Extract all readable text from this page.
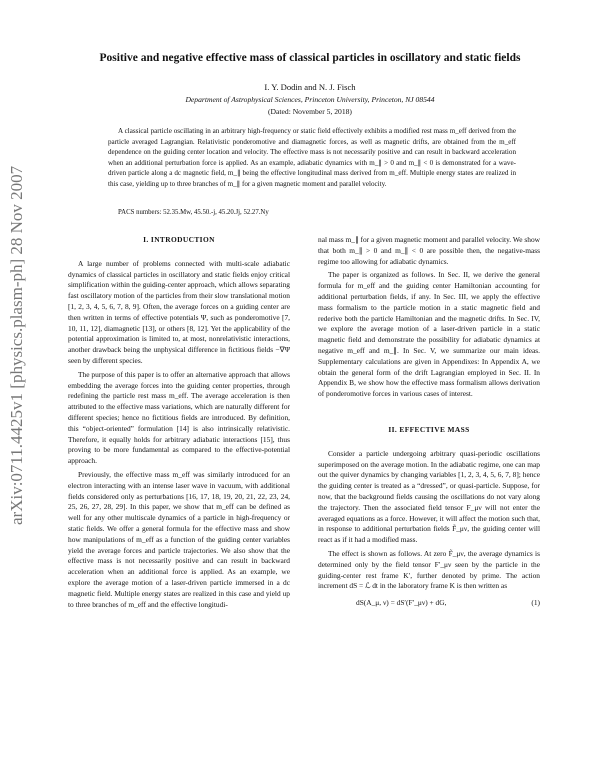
arXiv:0711.4425v1 [physics.plasm-ph] 28 Nov 2007
Positive and negative effective mass of classical particles in oscillatory and static fields
I. Y. Dodin and N. J. Fisch
Department of Astrophysical Sciences, Princeton University, Princeton, NJ 08544
(Dated: November 5, 2018)

A classical particle oscillating in an arbitrary high-frequency or static field effectively exhibits a modified rest mass m_eff derived from the particle averaged Lagrangian. Relativistic ponderomotive and diamagnetic forces, as well as magnetic drifts, are obtained from the m_eff dependence on the guiding center location and velocity. The effective mass is not necessarily positive and can result in backward acceleration when an additional perturbation force is applied. As an example, adiabatic dynamics with m_∥ > 0 and m_∥ < 0 is demonstrated for a wave-driven particle along a dc magnetic field, m_∥ being the effective longitudinal mass derived from m_eff. Multiple energy states are realized in this case, yielding up to three branches of m_∥ for a given magnetic moment and parallel velocity.

PACS numbers: 52.35.Mw, 45.50.-j, 45.20.Jj, 52.27.Ny
I. INTRODUCTION

A large number of problems connected with multi-scale adiabatic dynamics of classical particles in oscillatory and static fields enjoy critical simplification within the guiding-center approach, which allows separating fast oscillatory motion of the particles from their slow translational motion [1, 2, 3, 4, 5, 6, 7, 8, 9]. Often, the average forces on a guiding center are then written in terms of effective potentials Ψ, such as ponderomotive [7, 10, 11, 12], diamagnetic [13], or others [8, 12]. Yet the applicability of the potential approximation is limited to, at most, nonrelativistic interactions, another drawback being the unphysical difference in fictitious fields −∇Ψ seen by different species.

The purpose of this paper is to offer an alternative approach that allows embedding the average forces into the guiding center properties, through redefining the particle rest mass m_eff. The average acceleration is then attributed to the effective mass variations, which are naturally different for different species; hence no fictitious fields are introduced. By definition, this “object-oriented” formulation [14] is also intrinsically relativistic. Therefore, it equally holds for arbitrary adiabatic interactions [15], thus proving to be more fundamental as compared to the effective-potential approach.

Previously, the effective mass m_eff was similarly introduced for an electron interacting with an intense laser wave in vacuum, with additional fields considered only as perturbations [16, 17, 18, 19, 20, 21, 22, 23, 24, 25, 26, 27, 28, 29]. In this paper, we show that m_eff can be defined as well for any other multiscale dynamics of a particle in high-frequency or static fields. We offer a general formula for the effective mass and show how manipulations of m_eff as a function of the guiding center variables yield the average forces and particle trajectories. We also show that the effective mass is not necessarily positive and can result in backward acceleration when an additional force is applied. As an example, we explore the average motion of a laser-driven particle immersed in a dc magnetic field. Multiple energy states are realized in this case and yield up to three branches of m_eff and the effective longitudi-

nal mass m_∥ for a given magnetic moment and parallel velocity. We show that both m_∥ > 0 and m_∥ < 0 are possible then, the negative-mass regime too allowing for adiabatic dynamics.

The paper is organized as follows. In Sec. II, we derive the general formula for m_eff and the guiding center Hamiltonian accounting for additional perturbation fields, if any. In Sec. III, we apply the effective mass formalism to the particle motion in a static magnetic field and rederive both the particle Hamiltonian and the magnetic drifts. In Sec. IV, we explore the average motion of a laser-driven particle in a static magnetic field and demonstrate the possibility for adiabatic dynamics at negative m_eff and m_∥. In Sec. V, we summarize our main ideas. Supplementary calculations are given in Appendixes: In Appendix A, we obtain the general form of the drift Lagrangian employed in Sec. II. In Appendix B, we show how the effective mass formalism allows derivation of ponderomotive forces in various cases of interest.

II. EFFECTIVE MASS

Consider a particle undergoing arbitrary quasi-periodic oscillations superimposed on the average motion. In the adiabatic regime, one can map out the quiver dynamics by changing variables [1, 2, 3, 4, 5, 6, 7, 8]; hence the guiding center is treated as a “dressed”, or quasi-particle. Suppose, for now, that the background fields causing the oscillations do not vary along the trajectory. Then the associated field tensor F_μν will not enter the averaged equations as a force. However, it will affect the motion such that, in response to additional perturbation fields F̃_μν, the guiding center will react as if it had a modified mass.

The effect is shown as follows. At zero F̃_μν, the average dynamics is determined only by the field tensor F′_μν seen by the particle in the guiding-center rest frame K′, further denoted by prime. The action increment dS = ℒ dt in the laboratory frame K is then written as

dS(A_μ, ν) = dS′(F′_μν) + dG,	(1)
